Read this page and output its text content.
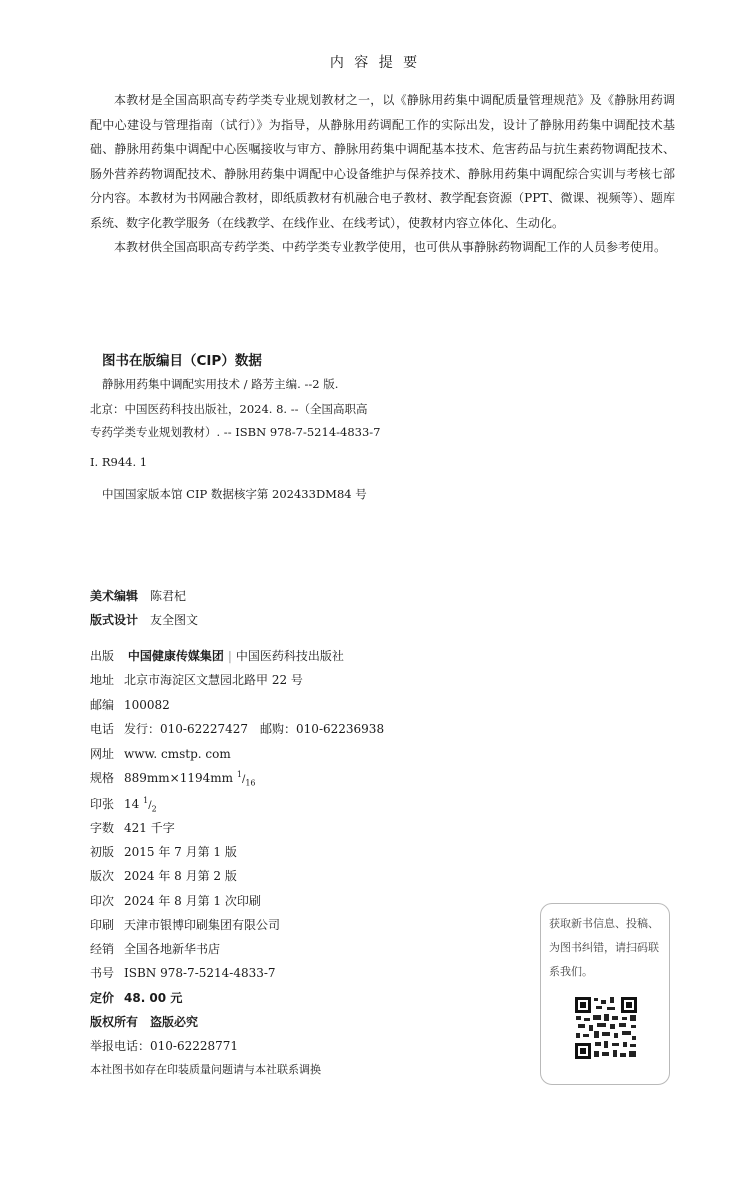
内 容 提 要

本教材是全国高职高专药学类专业规划教材之一，以《静脉用药集中调配质量管理规范》及《静脉用药调配中心建设与管理指南（试行）》为指导，从静脉用药调配工作的实际出发，设计了静脉用药集中调配技术基础、静脉用药集中调配中心医嘱接收与审方、静脉用药集中调配基本技术、危害药品与抗生素药物调配技术、肠外营养药物调配技术、静脉用药集中调配中心设备维护与保养技术、静脉用药集中调配综合实训与考核七部分内容。本教材为书网融合教材，即纸质教材有机融合电子教材、教学配套资源（PPT、微课、视频等）、题库系统、数字化教学服务（在线教学、在线作业、在线考试），使教材内容立体化、生动化。

本教材供全国高职高专药学类、中药学类专业教学使用，也可供从事静脉药物调配工作的人员参考使用。

图书在版编目（CIP）数据
静脉用药集中调配实用技术 / 路芳主编. --2 版.
北京：中国医药科技出版社，2024. 8. --（全国高职高
专药学类专业规划教材）. -- ISBN 978-7-5214-4833-7
Ⅰ. R944. 1
中国国家版本馆 CIP 数据核字第 202433DM84 号
美术编辑 陈君杞
版式设计 友全图文
出版 中国健康传媒集团 | 中国医药科技出版社
地址 北京市海淀区文慧园北路甲 22 号
邮编 100082
电话 发行：010-62227427　邮购：010-62236938
网址 www. cmstp. com
规格 889mm×1194mm $^1/_{16}$
印张 14 $^1/_2$
字数 421 千字
初版 2015 年 7 月第 1 版
版次 2024 年 8 月第 2 版
印次 2024 年 8 月第 1 次印刷
印刷 天津市银博印刷集团有限公司
经销 全国各地新华书店
书号 ISBN 978-7-5214-4833-7
定价 48. 00 元
版权所有　盗版必究
举报电话：010-62228771
本社图书如存在印装质量问题请与本社联系调换
获取新书信息、投稿、为图书纠错，请扫码联系我们。
